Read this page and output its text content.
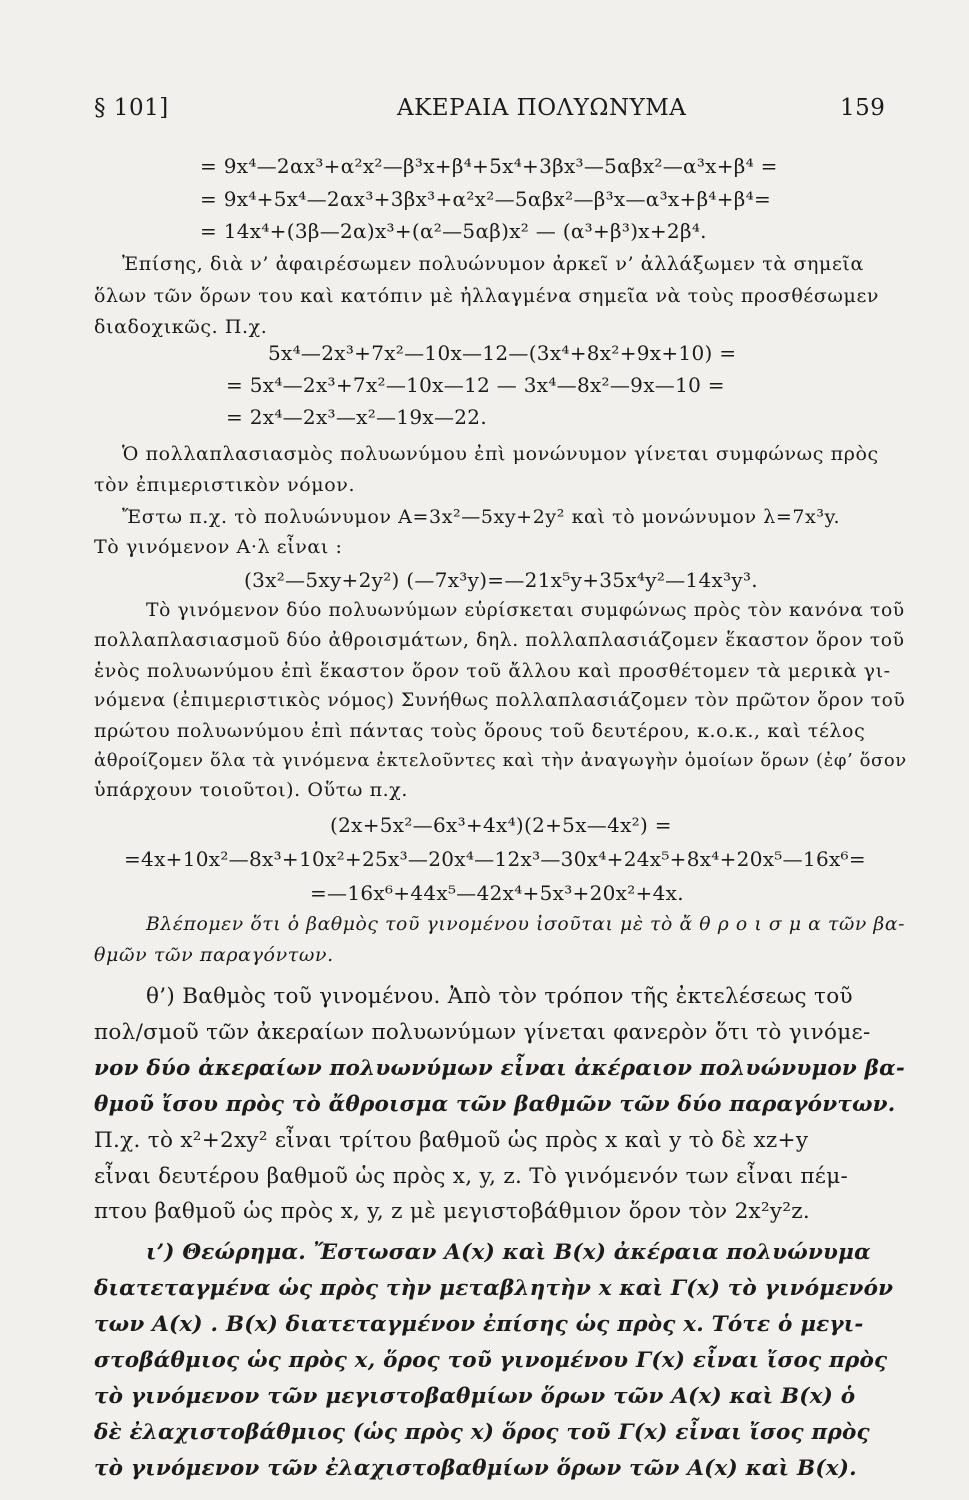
§ 101]	ΑΚΕΡΑΙΑ ΠΟΛΥΩΝΥΜΑ	159
= 9x⁴—2αx³+α²x²—β³x+β⁴+5x⁴+3βx³—5αβx²—α³x+β⁴ =
= 9x⁴+5x⁴—2αx³+3βx³+α²x²—5αβx²—β³x—α³x+β⁴+β⁴=
= 14x⁴+(3β—2α)x³+(α²—5αβ)x² — (α³+β³)x+2β⁴.
Ἐπίσης, διὰ ν’ ἀφαιρέσωμεν πολυώνυμον ἀρκεῖ ν’ ἀλλάξωμεν τὰ σημεῖα
ὅλων τῶν ὅρων του καὶ κατόπιν μὲ ἠλλαγμένα σημεῖα νὰ τοὺς προσθέσωμεν
διαδοχικῶς. Π.χ.
5x⁴—2x³+7x²—10x—12—(3x⁴+8x²+9x+10) =
= 5x⁴—2x³+7x²—10x—12 — 3x⁴—8x²—9x—10 =
= 2x⁴—2x³—x²—19x—22.
Ὁ πολλαπλασιασμὸς πολυωνύμου ἐπὶ μονώνυμον γίνεται συμφώνως πρὸς
τὸν ἐπιμεριστικὸν νόμον.
Ἔστω π.χ. τὸ πολυώνυμον A=3x²—5xy+2y² καὶ τὸ μονώνυμον λ=7x³y.
Τὸ γινόμενον A·λ εἶναι :
(3x²—5xy+2y²) (—7x³y)=—21x⁵y+35x⁴y²—14x³y³.
Τὸ γινόμενον δύο πολυωνύμων εὑρίσκεται συμφώνως πρὸς τὸν κανόνα τοῦ
πολλαπλασιασμοῦ δύο ἀθροισμάτων, δηλ. πολλαπλασιάζομεν ἕκαστον ὅρον τοῦ
ἑνὸς πολυωνύμου ἐπὶ ἕκαστον ὅρον τοῦ ἄλλου καὶ προσθέτομεν τὰ μερικὰ γι-
νόμενα (ἐπιμεριστικὸς νόμος) Συνήθως πολλαπλασιάζομεν τὸν πρῶτον ὅρον τοῦ
πρώτου πολυωνύμου ἐπὶ πάντας τοὺς ὅρους τοῦ δευτέρου, κ.ο.κ., καὶ τέλος
ἀθροίζομεν ὅλα τὰ γινόμενα ἐκτελοῦντες καὶ τὴν ἀναγωγὴν ὁμοίων ὅρων (ἐφ’ ὅσον
ὑπάρχουν τοιοῦτοι). Οὕτω π.χ.
(2x+5x²—6x³+4x⁴)(2+5x—4x²) =
=4x+10x²—8x³+10x²+25x³—20x⁴—12x³—30x⁴+24x⁵+8x⁴+20x⁵—16x⁶=
=—16x⁶+44x⁵—42x⁴+5x³+20x²+4x.
Βλέπομεν ὅτι ὁ βαθμὸς τοῦ γινομένου ἰσοῦται μὲ τὸ ἄ θ ρ ο ι σ μ α τῶν βα-
θμῶν τῶν παραγόντων.
θ’) Βαθμὸς τοῦ γινομένου. Ἀπὸ τὸν τρόπον τῆς ἐκτελέσεως τοῦ
πολ/σμοῦ τῶν ἀκεραίων πολυωνύμων γίνεται φανερὸν ὅτι τὸ γινόμε-
νον δύο ἀκεραίων πολυωνύμων εἶναι ἀκέραιον πολυώνυμον βα-
θμοῦ ἴσου πρὸς τὸ ἄθροισμα τῶν βαθμῶν τῶν δύο παραγόντων.
Π.χ. τὸ x²+2xy² εἶναι τρίτου βαθμοῦ ὡς πρὸς x καὶ y τὸ δὲ xz+y
εἶναι δευτέρου βαθμοῦ ὡς πρὸς x, y, z. Τὸ γινόμενόν των εἶναι πέμ-
πτου βαθμοῦ ὡς πρὸς x, y, z μὲ μεγιστοβάθμιον ὅρον τὸν 2x²y²z.
ι’) Θεώρημα. Ἔστωσαν A(x) καὶ B(x) ἀκέραια πολυώνυμα
διατεταγμένα ὡς πρὸς τὴν μεταβλητὴν x καὶ Γ(x) τὸ γινόμενόν
των A(x) . B(x) διατεταγμένον ἐπίσης ὡς πρὸς x. Τότε ὁ μεγι-
στοβάθμιος ὡς πρὸς x, ὅρος τοῦ γινομένου Γ(x) εἶναι ἴσος πρὸς
τὸ γινόμενον τῶν μεγιστοβαθμίων ὅρων τῶν A(x) καὶ B(x) ὁ
δὲ ἐλαχιστοβάθμιος (ὡς πρὸς x) ὅρος τοῦ Γ(x) εἶναι ἴσος πρὸς
τὸ γινόμενον τῶν ἐλαχιστοβαθμίων ὅρων τῶν A(x) καὶ B(x).
